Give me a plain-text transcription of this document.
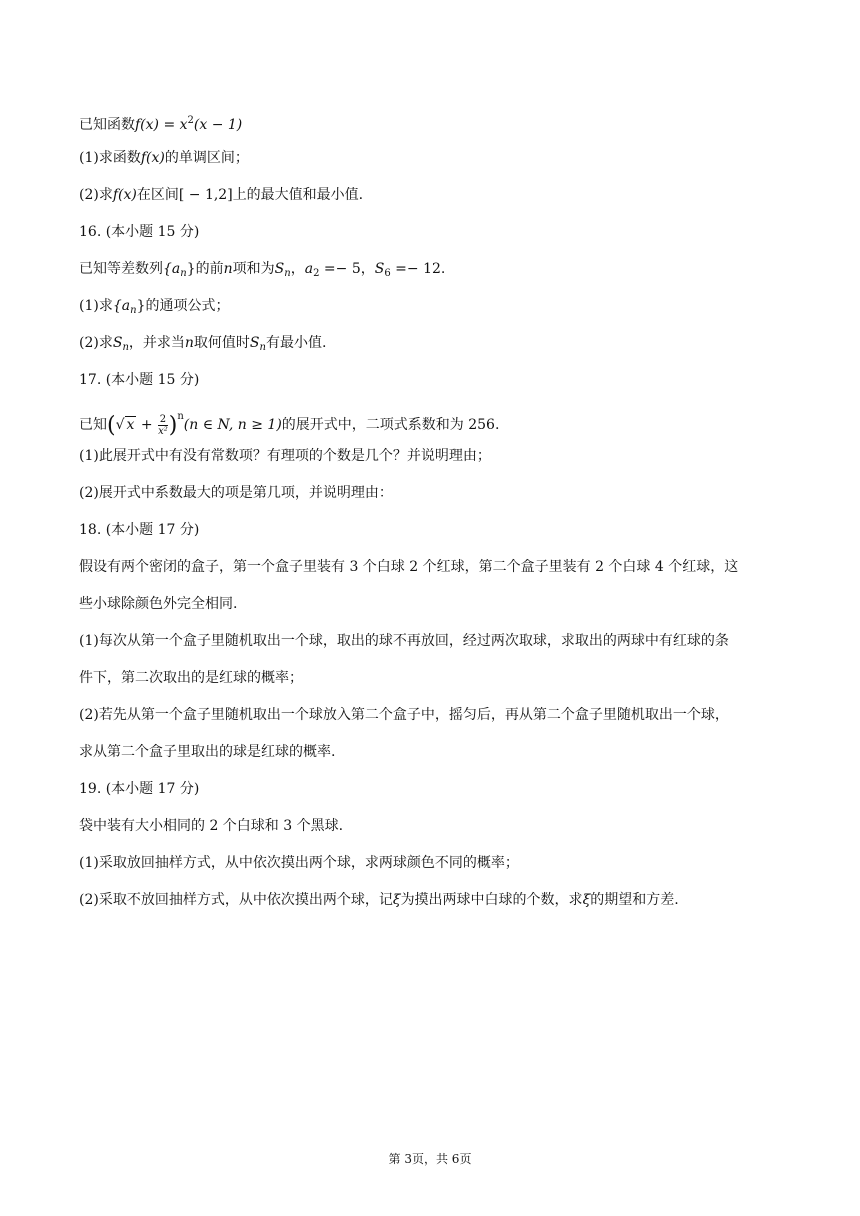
已知函数$f(x) = x^2(x - 1)$
(1)求函数f(x)的单调区间；
(2)求f(x)在区间[ − 1,2]上的最大值和最小值.
16. (本小题 15 分)
已知等差数列$\{a_n\}$的前n项和为$S_n$，$a_2 =- 5$，$S_6 =- 12$.
(1)求$\{a_n\}$的通项公式；
(2)求$S_n$，并求当n取何值时$S_n$有最小值.
17. (本小题 15 分)
已知(√ $x + \frac{2}{\text{x²}} )^n(n$ ∈ N, n ≥ 1)的展开式中，二项式系数和为 256.
(1)此展开式中有没有常数项？有理项的个数是几个？并说明理由；
(2)展开式中系数最大的项是第几项，并说明理由：
18. (本小题 17 分)
假设有两个密闭的盒子，第一个盒子里装有 3 个白球 2 个红球，第二个盒子里装有 2 个白球 4 个红球，这
些小球除颜色外完全相同.
(1)每次从第一个盒子里随机取出一个球，取出的球不再放回，经过两次取球，求取出的两球中有红球的条
件下，第二次取出的是红球的概率；
(2)若先从第一个盒子里随机取出一个球放入第二个盒子中，摇匀后，再从第二个盒子里随机取出一个球，
求从第二个盒子里取出的球是红球的概率.
19. (本小题 17 分)
袋中装有大小相同的 2 个白球和 3 个黑球.
(1)采取放回抽样方式，从中依次摸出两个球，求两球颜色不同的概率；
(2)采取不放回抽样方式，从中依次摸出两个球，记ξ为摸出两球中白球的个数，求ξ的期望和方差.
第 3页，共 6页
